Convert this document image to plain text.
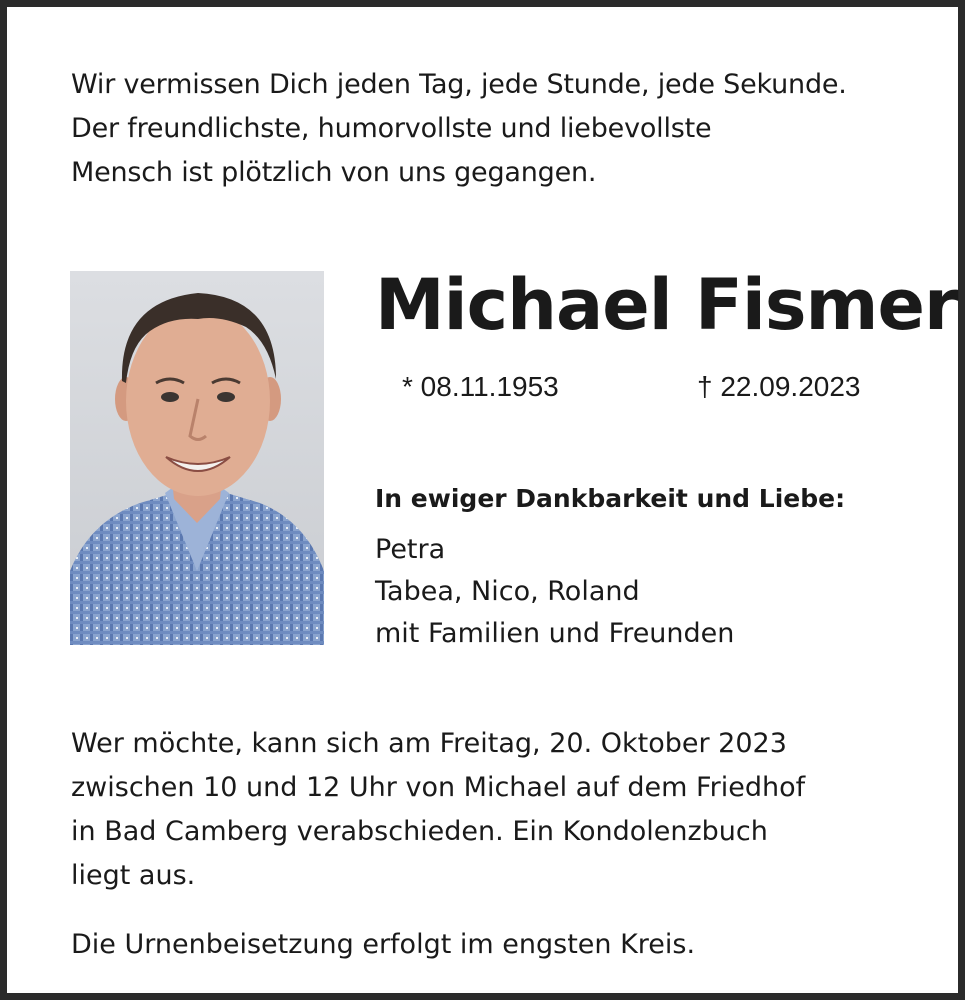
Wir vermissen Dich jeden Tag, jede Stunde, jede Sekunde.
Der freundlichste, humorvollste und liebevollste
Mensch ist plötzlich von uns gegangen.
Michael Fismer
* 08.11.1953	† 22.09.2023
In ewiger Dankbarkeit und Liebe:
Petra
Tabea, Nico, Roland
mit Familien und Freunden
Wer möchte, kann sich am Freitag, 20. Oktober 2023
zwischen 10 und 12 Uhr von Michael auf dem Friedhof
in Bad Camberg verabschieden. Ein Kondolenzbuch
liegt aus.
Die Urnenbeisetzung erfolgt im engsten Kreis.
